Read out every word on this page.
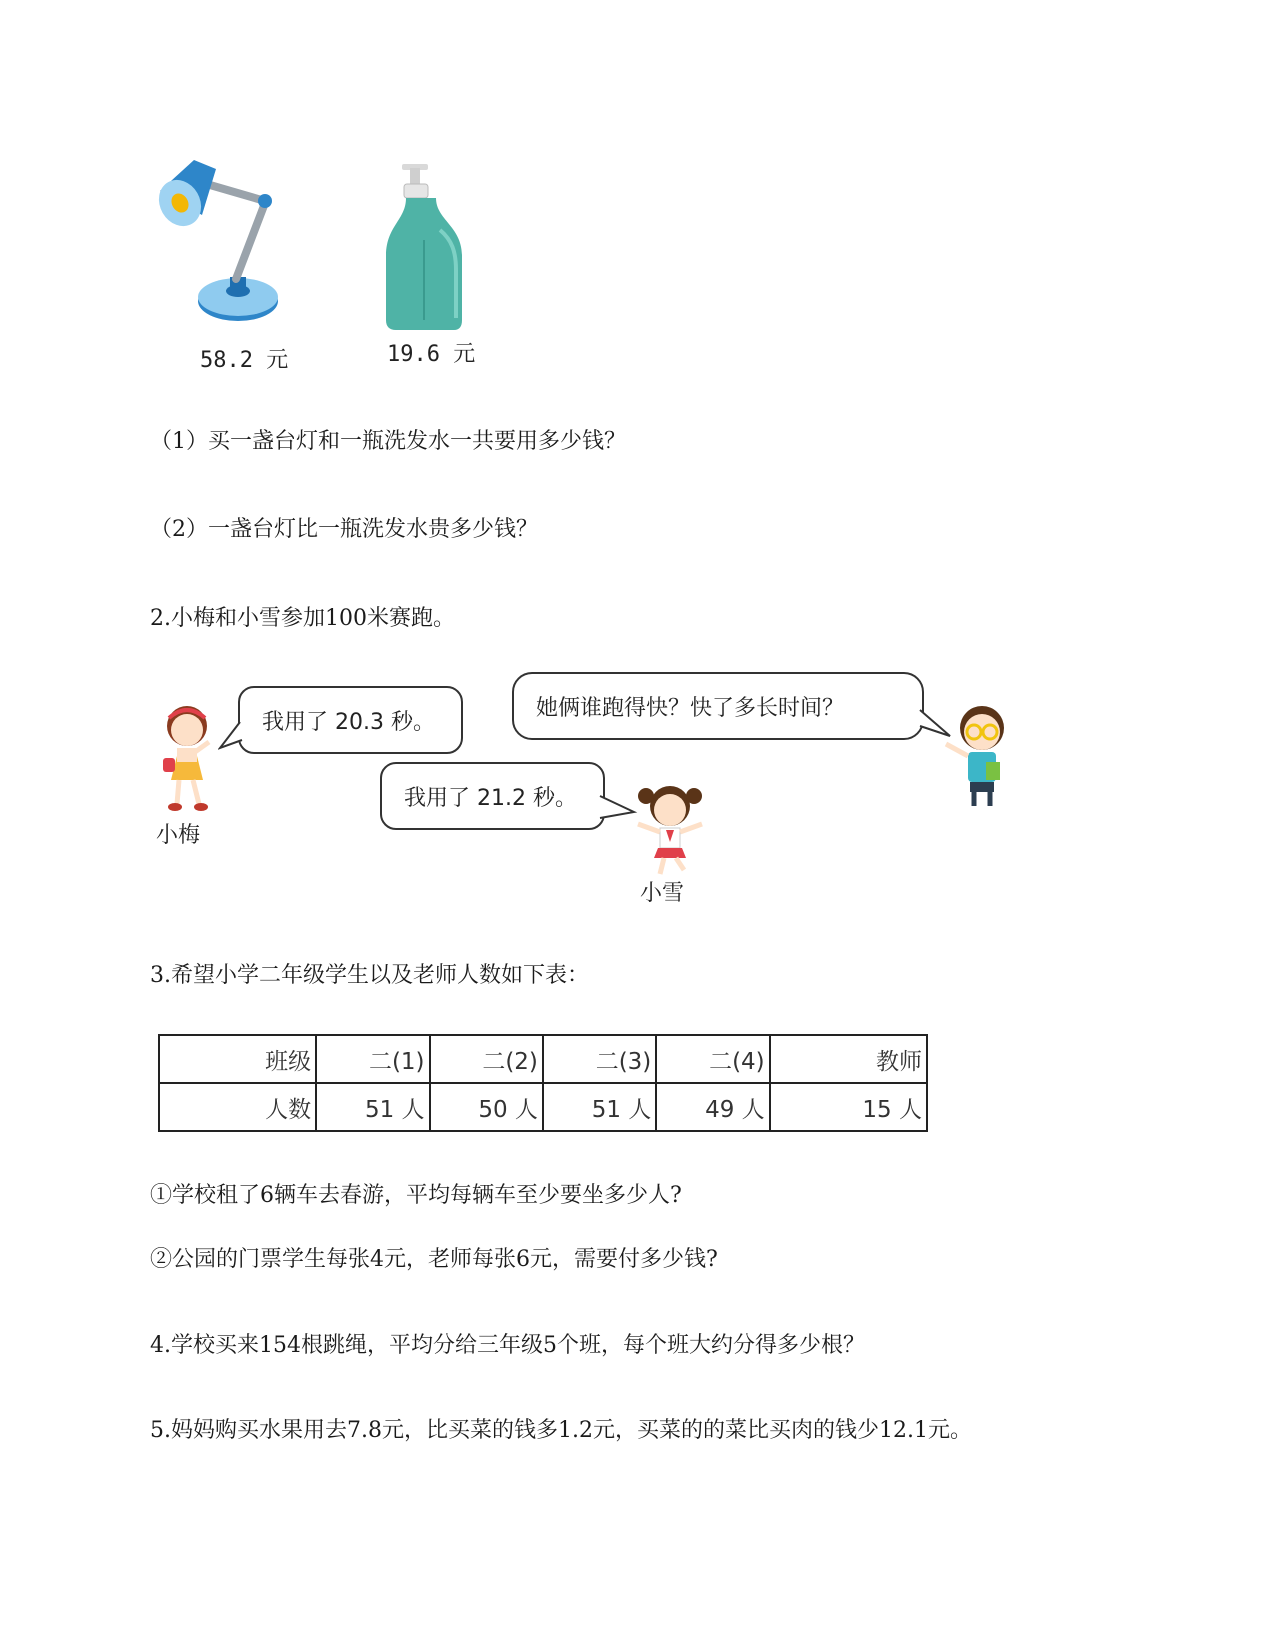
58.2 元	19.6 元
（1）买一盏台灯和一瓶洗发水一共要用多少钱？
（2）一盏台灯比一瓶洗发水贵多少钱？
2.小梅和小雪参加100米赛跑。
小梅
我用了 20.3 秒。
她俩谁跑得快？快了多长时间？
我用了 21.2 秒。
小雪
3.希望小学二年级学生以及老师人数如下表：
班级	二(1)	二(2)	二(3)	二(4)	教师
人数	51 人	50 人	51 人	49 人	15 人
①学校租了6辆车去春游，平均每辆车至少要坐多少人?
②公园的门票学生每张4元，老师每张6元，需要付多少钱?
4.学校买来154根跳绳，平均分给三年级5个班，每个班大约分得多少根？
5.妈妈购买水果用去7.8元，比买菜的钱多1.2元，买菜的的菜比买肉的钱少12.1元。
